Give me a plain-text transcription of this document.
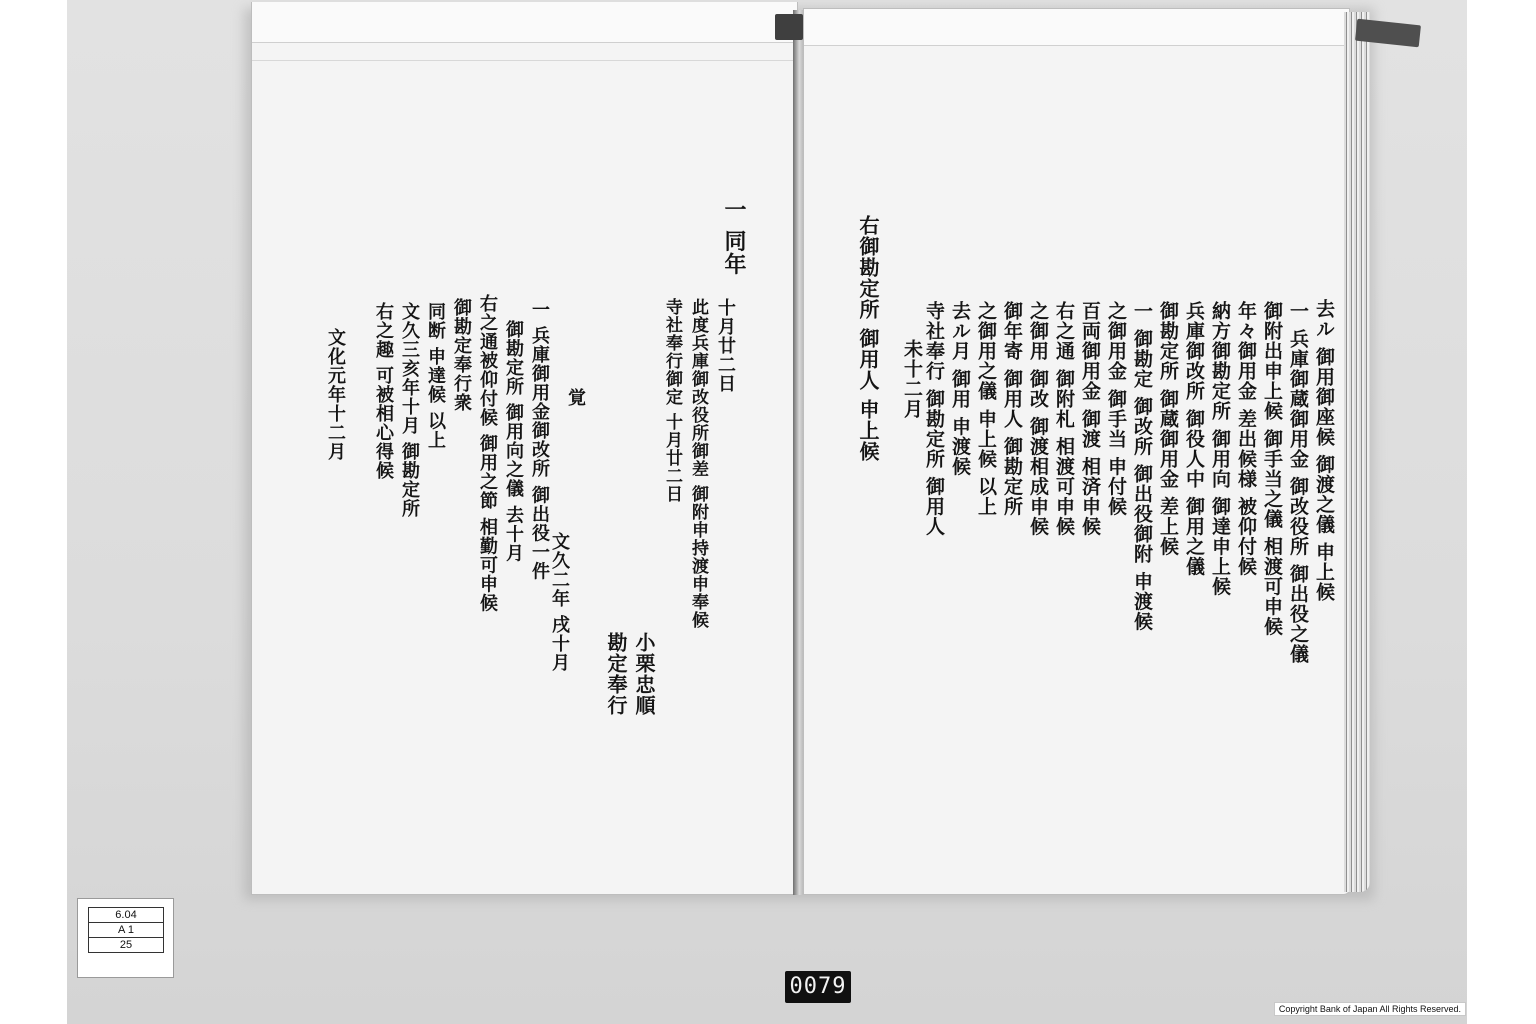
一 同年
十月廿二日
此度兵庫御改役所御差 御附申持渡申奉候
寺社奉行御定 十月廿二日
小栗忠順
勘定奉行
覚
一 兵庫御用金御改所 御出役一件
御勘定所 御用向之儀 去十月
文久二年 戌十月
右之通被仰付候 御用之節 相勤可申候
御勘定奉行衆
同断 申達候 以上
文久三亥年十月 御勘定所
右之趣 可被相心得候
文化元年十二月	去ル 御用御座候 御渡之儀 申上候
一 兵庫御蔵御用金 御改役所 御出役之儀
御附出申上候 御手当之儀 相渡可申候
年々御用金 差出候様 被仰付候
納方御勘定所 御用向 御達申上候
兵庫御改所 御役人中 御用之儀
御勘定所 御蔵御用金 差上候
一 御勘定 御改所 御出役御附 申渡候
之御用金 御手当 申付候
百両御用金 御渡 相済申候
右之通 御附札 相渡可申候
之御用 御改 御渡相成申候
御年寄 御用人 御勘定所
之御用之儀 申上候 以上
去ル月 御用 申渡候
寺社奉行 御勘定所 御用人
未十二月
右御勘定所 御用人 申上候
6.04
A 1
25
0079
Copyright Bank of Japan All Rights Reserved.
